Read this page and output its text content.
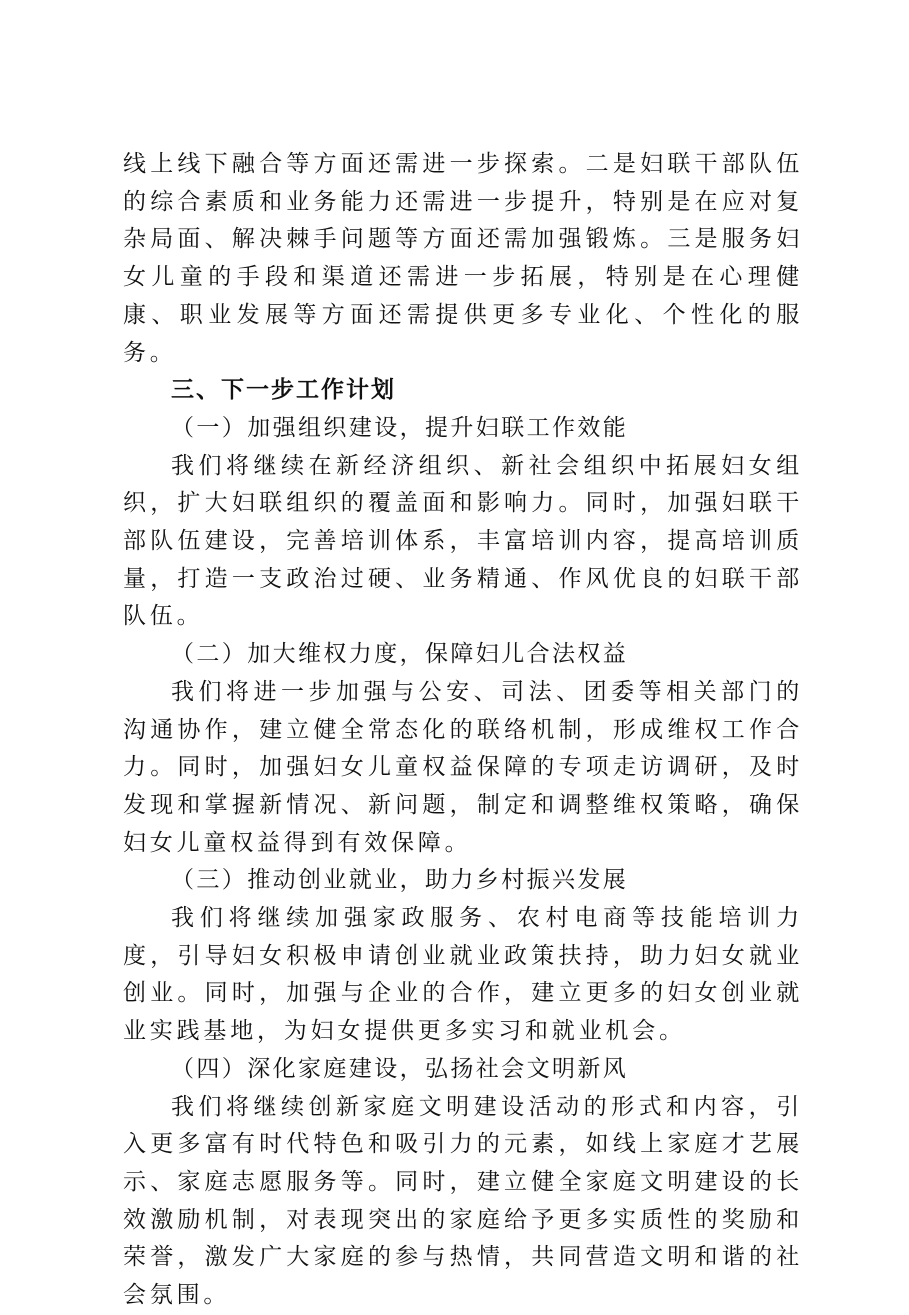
线上线下融合等方面还需进一步探索。二是妇联干部队伍的综合素质和业务能力还需进一步提升，特别是在应对复杂局面、解决棘手问题等方面还需加强锻炼。三是服务妇女儿童的手段和渠道还需进一步拓展，特别是在心理健康、职业发展等方面还需提供更多专业化、个性化的服务。

三、下一步工作计划

（一）加强组织建设，提升妇联工作效能

我们将继续在新经济组织、新社会组织中拓展妇女组织，扩大妇联组织的覆盖面和影响力。同时，加强妇联干部队伍建设，完善培训体系，丰富培训内容，提高培训质量，打造一支政治过硬、业务精通、作风优良的妇联干部队伍。

（二）加大维权力度，保障妇儿合法权益

我们将进一步加强与公安、司法、团委等相关部门的沟通协作，建立健全常态化的联络机制，形成维权工作合力。同时，加强妇女儿童权益保障的专项走访调研，及时发现和掌握新情况、新问题，制定和调整维权策略，确保妇女儿童权益得到有效保障。

（三）推动创业就业，助力乡村振兴发展

我们将继续加强家政服务、农村电商等技能培训力度，引导妇女积极申请创业就业政策扶持，助力妇女就业创业。同时，加强与企业的合作，建立更多的妇女创业就业实践基地，为妇女提供更多实习和就业机会。

（四）深化家庭建设，弘扬社会文明新风

我们将继续创新家庭文明建设活动的形式和内容，引入更多富有时代特色和吸引力的元素，如线上家庭才艺展示、家庭志愿服务等。同时，建立健全家庭文明建设的长效激励机制，对表现突出的家庭给予更多实质性的奖励和荣誉，激发广大家庭的参与热情，共同营造文明和谐的社会氛围。
